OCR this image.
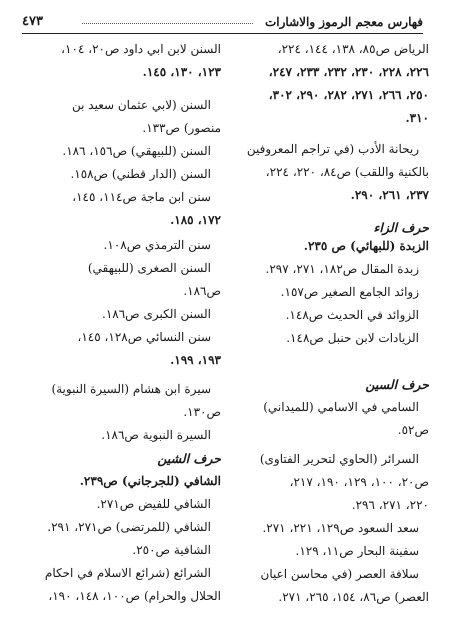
فهارس معجم الرموز والاشارات
٤٧٣
الرياض ص٨٥، ١٣٨، ١٤٤، ٢٢٤،
٢٢٦، ٢٢٨، ٢٣٠، ٢٣٢، ٢٣٣، ٢٤٧،
٢٥٠، ٢٦٦، ٢٧١، ٢٨٢، ٢٩٠، ٣٠٢،
٣١٠.
ريحانة الأدب (في تراجم المعروفين
بالكنية واللقب) ص٨٤، ٢٢٠، ٢٢٤،
٢٣٧، ٢٦١، ٢٩٠.
حرف الزاء
الزبدة (للبهائي) ص ٢٣٥.
زبدة المقال ص١٨٢، ٢٧١، ٢٩٧.
زوائد الجامع الصغير ص١٥٧.
الزوائد في الحديث ص١٤٨.
الزيادات لابن حنبل ص١٤٨.
حرف السين
السامي في الاسامي (للميداني)
ص٥٢.
السرائر (الحاوي لتحرير الفتاوى)
ص٢٠، ١٠٠، ١٢٩، ١٩٠، ٢١٧،
٢٢٠، ٢٧١، ٢٩٦.
سعد السعود ص١٢٩، ٢٢١، ٢٧١.
سفينة البحار ص١١، ١٢٩.
سلافة العصر (في محاسن اعيان
العصر) ص٨٦، ١٥٤، ٢٦٥، ٢٧١.
السنن لابن ابي داود ص٢٠، ١٠٤،
١٢٣، ١٣٠، ١٤٥.
السنن (لابي عثمان سعيد بن
منصور) ص١٣٣.
السنن (للبيهقي) ص١٥٦، ١٨٦.
السنن (الدار قطني) ص١٥٨.
سنن ابن ماجة ص١١٤، ١٤٥،
١٧٢، ١٨٥.
سنن الترمذي ص١٠٨.
السنن الصغرى (للبيهقي)
ص١٨٦.
السنن الكبرى ص١٨٦.
سنن النسائي ص١٢٨، ١٤٥،
١٩٣، ١٩٩.
سيرة ابن هشام (السيرة النبوية)
ص١٣٠.
السيرة النبوية ص١٨٦.
حرف الشين
الشافي (للجرجاني) ص٢٣٩.
الشافي للفيض ص٢٧١.
الشافي (للمرتضى) ص٢٧١، ٢٩١.
الشافية ص٢٥٠.
الشرائع (شرائع الاسلام في احكام
الحلال والحرام) ص١٠٠، ١٤٨، ١٩٠،
